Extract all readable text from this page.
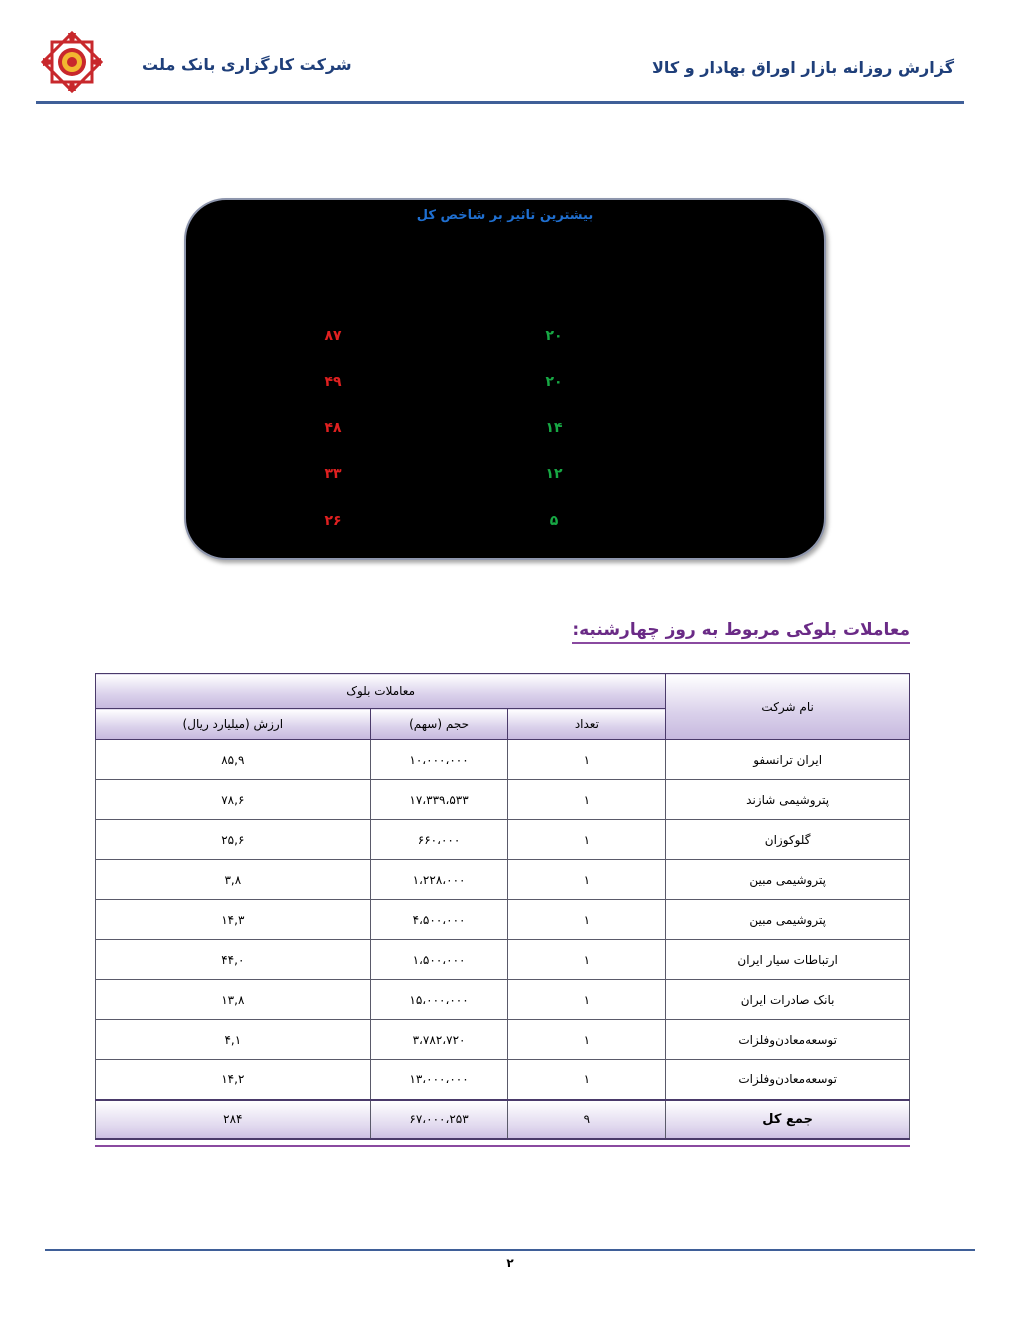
شرکت کارگزاری بانک ملت	گزارش روزانه بازار اوراق بهادار و کالا
بیشترین تاثیر بر شاخص کل
۸۷
۴۹
۴۸
۳۳
۲۶
۲۰
۲۰
۱۴
۱۲
۵
معاملات بلوکی مربوط به روز چهارشنبه:
نام شرکت	معاملات بلوک		
	تعداد	حجم (سهم)	ارزش (میلیارد ریال)
ایران ترانسفو	۱	۱۰،۰۰۰،۰۰۰	۸۵,۹
پتروشیمی شازند	۱	۱۷،۳۳۹،۵۳۳	۷۸,۶
گلوکوزان	۱	۶۶۰،۰۰۰	۲۵,۶
پتروشیمی مبین	۱	۱،۲۲۸،۰۰۰	۳,۸
پتروشیمی مبین	۱	۴،۵۰۰،۰۰۰	۱۴,۳
ارتباطات سیار ایران	۱	۱،۵۰۰،۰۰۰	۴۴,۰
بانک صادرات ایران	۱	۱۵،۰۰۰،۰۰۰	۱۳,۸
توسعه‌معادن‌وفلزات	۱	۳،۷۸۲،۷۲۰	۴,۱
توسعه‌معادن‌وفلزات	۱	۱۳،۰۰۰،۰۰۰	۱۴,۲
جمع کل	۹	۶۷،۰۰۰،۲۵۳	۲۸۴
۲
